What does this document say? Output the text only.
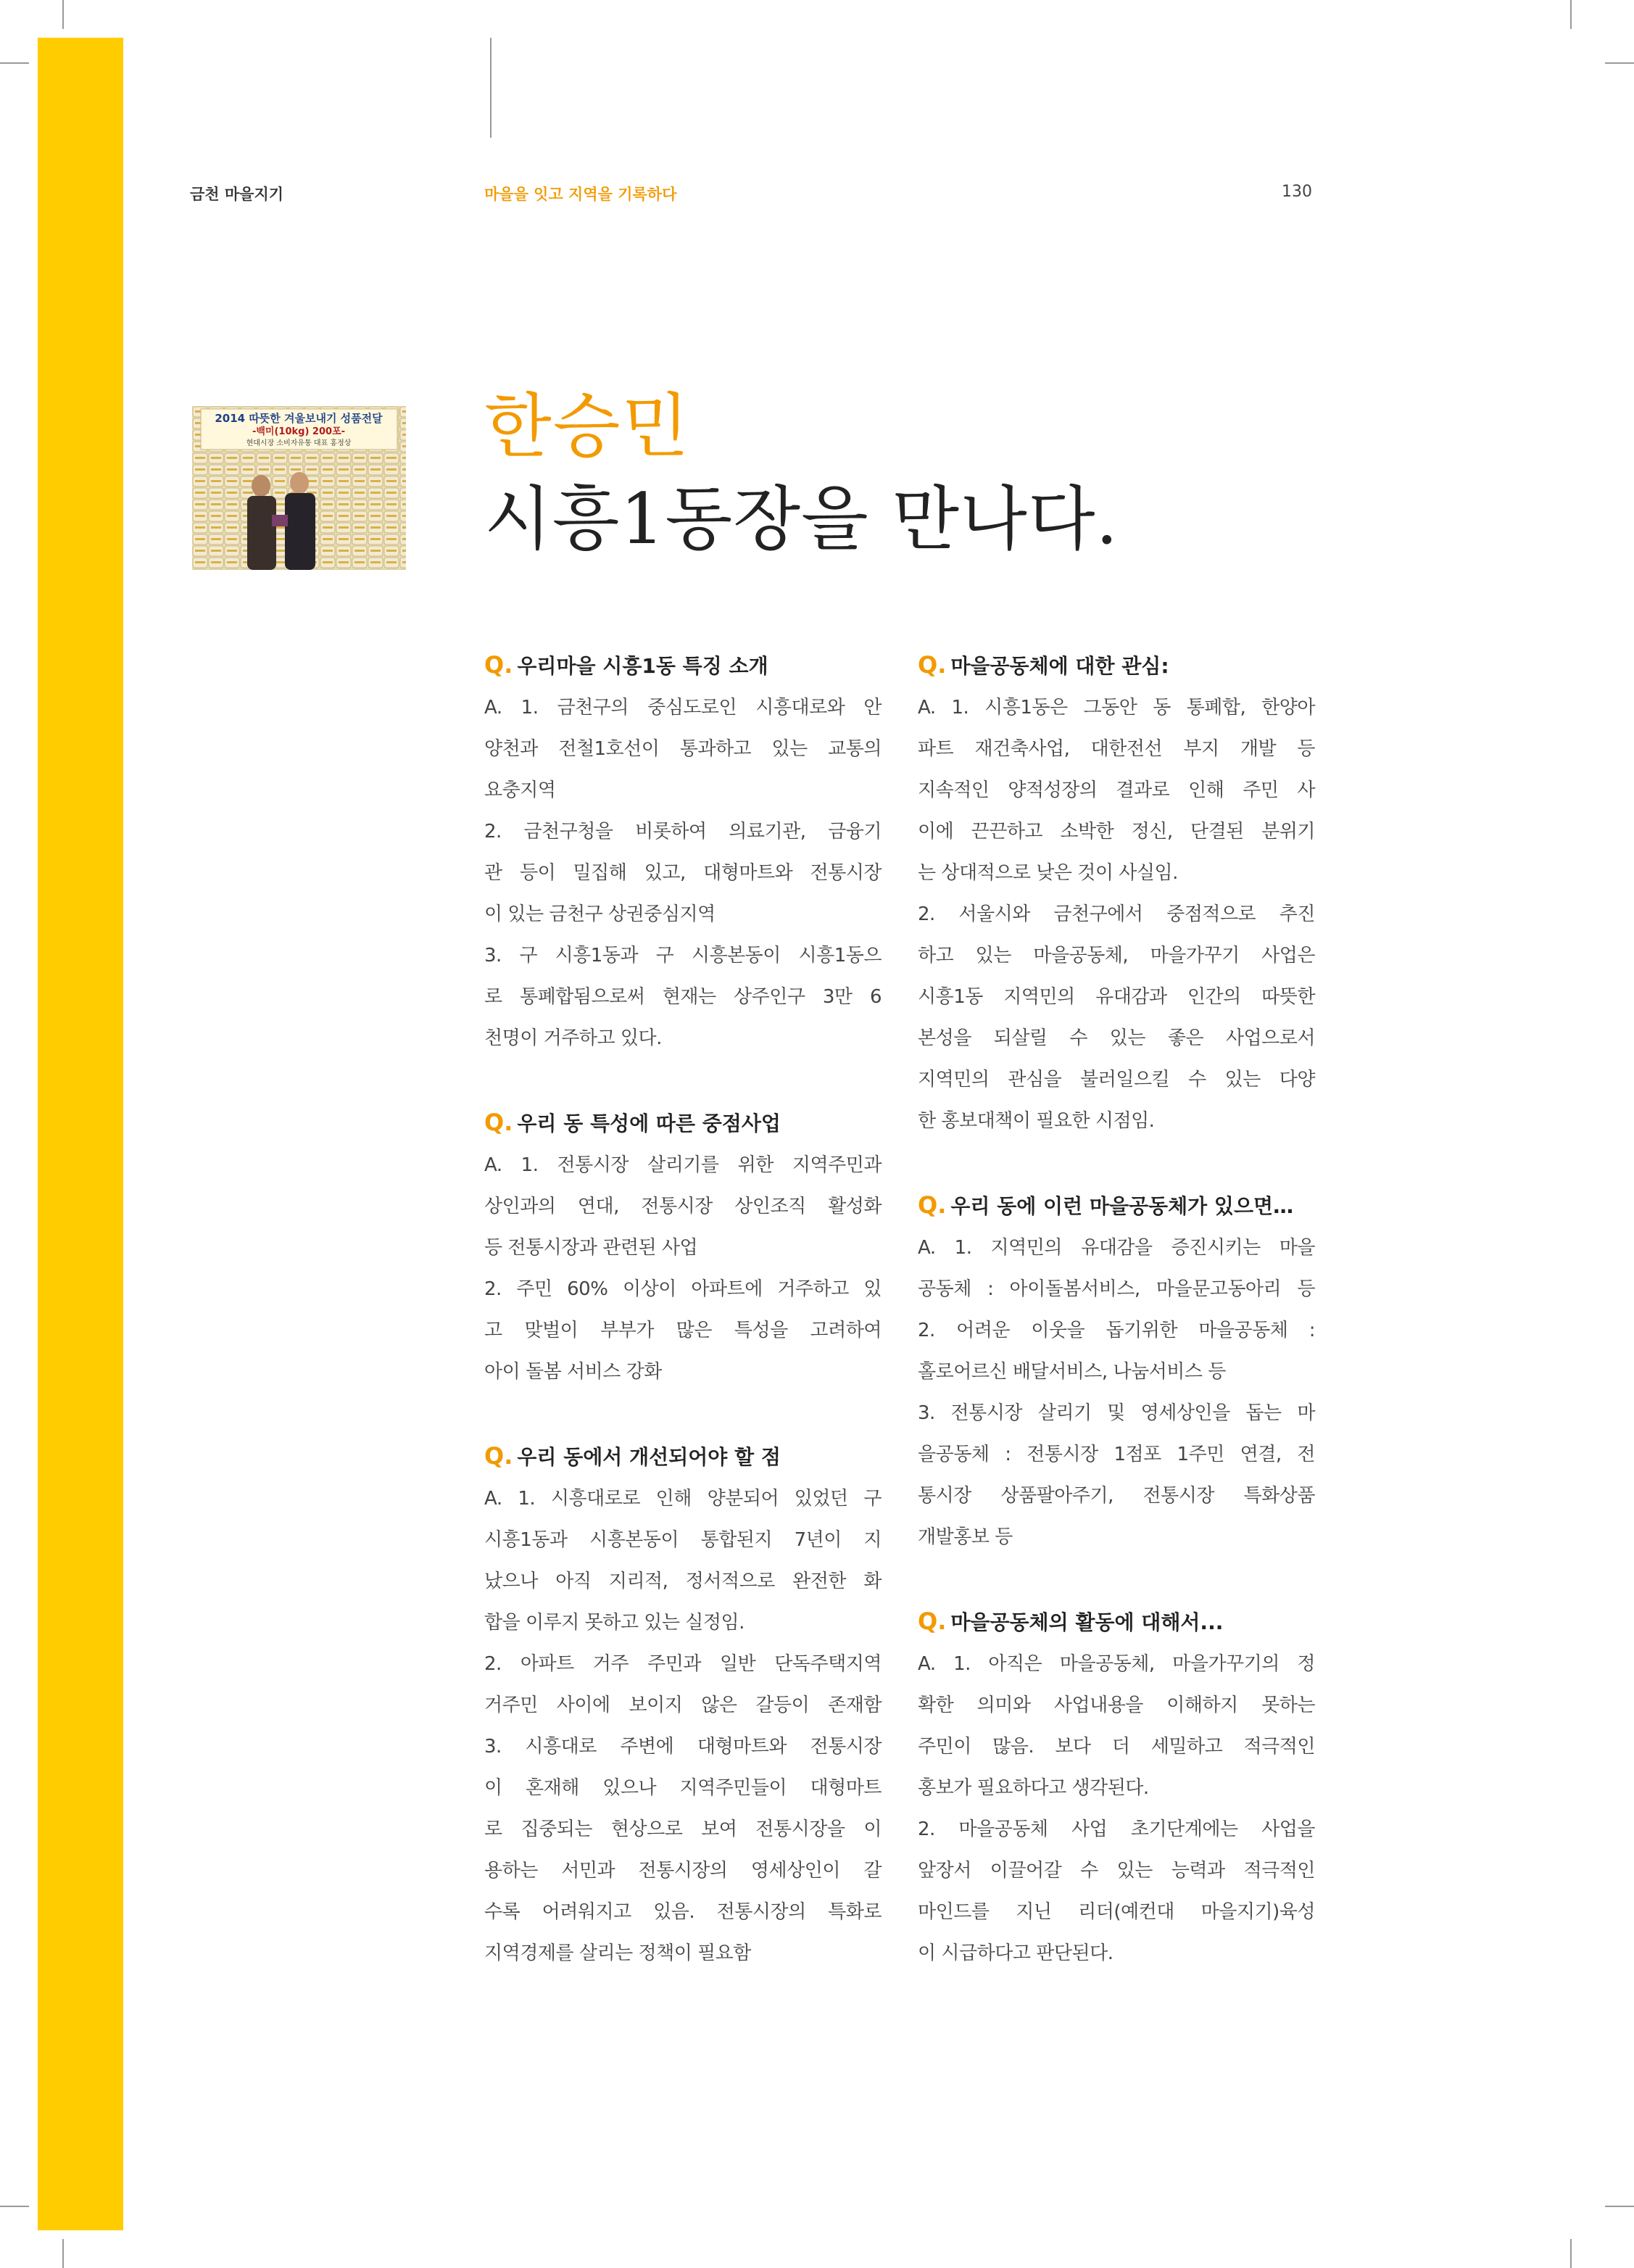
금천 마을지기	마을을 잇고 지역을 기록하다	130
2014 따뜻한 겨울보내기 성품전달
-백미(10kg) 200포-
현대시장 소비자유통 대표 홍정상 한승민
시흥1동장을 만나다.
Q. 우리마을 시흥1동 특징 소개
A. 1. 금천구의 중심도로인 시흥대로와 안
양천과 전철1호선이 통과하고 있는 교통의
요충지역
2. 금천구청을 비롯하여 의료기관, 금융기
관 등이 밀집해 있고, 대형마트와 전통시장
이 있는 금천구 상권중심지역
3. 구 시흥1동과 구 시흥본동이 시흥1동으
로 통폐합됨으로써 현재는 상주인구 3만 6
천명이 거주하고 있다.
Q. 우리 동 특성에 따른 중점사업
A. 1. 전통시장 살리기를 위한 지역주민과
상인과의 연대, 전통시장 상인조직 활성화
등 전통시장과 관련된 사업
2. 주민 60% 이상이 아파트에 거주하고 있
고 맞벌이 부부가 많은 특성을 고려하여
아이 돌봄 서비스 강화
Q. 우리 동에서 개선되어야 할 점
A. 1. 시흥대로로 인해 양분되어 있었던 구
시흥1동과 시흥본동이 통합된지 7년이 지
났으나 아직 지리적, 정서적으로 완전한 화
합을 이루지 못하고 있는 실정임.
2. 아파트 거주 주민과 일반 단독주택지역
거주민 사이에 보이지 않은 갈등이 존재함
3. 시흥대로 주변에 대형마트와 전통시장
이 혼재해 있으나 지역주민들이 대형마트
로 집중되는 현상으로 보여 전통시장을 이
용하는 서민과 전통시장의 영세상인이 갈
수록 어려워지고 있음. 전통시장의 특화로
지역경제를 살리는 정책이 필요함
Q. 마을공동체에 대한 관심:
A. 1. 시흥1동은 그동안 동 통폐합, 한양아
파트 재건축사업, 대한전선 부지 개발 등
지속적인 양적성장의 결과로 인해 주민 사
이에 끈끈하고 소박한 정신, 단결된 분위기
는 상대적으로 낮은 것이 사실임.
2. 서울시와 금천구에서 중점적으로 추진
하고 있는 마을공동체, 마을가꾸기 사업은
시흥1동 지역민의 유대감과 인간의 따뜻한
본성을 되살릴 수 있는 좋은 사업으로서
지역민의 관심을 불러일으킬 수 있는 다양
한 홍보대책이 필요한 시점임.
Q. 우리 동에 이런 마을공동체가 있으면…
A. 1. 지역민의 유대감을 증진시키는 마을
공동체 : 아이돌봄서비스, 마을문고동아리 등
2. 어려운 이웃을 돕기위한 마을공동체 :
홀로어르신 배달서비스, 나눔서비스 등
3. 전통시장 살리기 및 영세상인을 돕는 마
을공동체 : 전통시장 1점포 1주민 연결, 전
통시장 상품팔아주기, 전통시장 특화상품
개발홍보 등
Q. 마을공동체의 활동에 대해서...
A. 1. 아직은 마을공동체, 마을가꾸기의 정
확한 의미와 사업내용을 이해하지 못하는
주민이 많음. 보다 더 세밀하고 적극적인
홍보가 필요하다고 생각된다.
2. 마을공동체 사업 초기단계에는 사업을
앞장서 이끌어갈 수 있는 능력과 적극적인
마인드를 지닌 리더(예컨대 마을지기)육성
이 시급하다고 판단된다.
